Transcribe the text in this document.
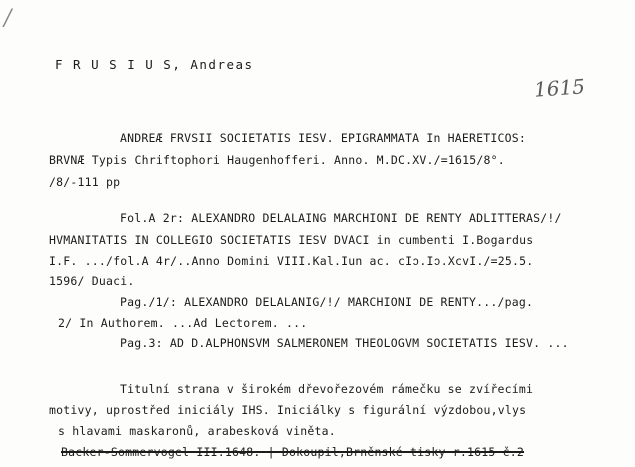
/
F R U S I U S, Andreas
1615
ANDREÆ FRVSII SOCIETATIS IESV. EPIGRAMMATA In HAERETICOS:
BRVNÆ Typis Chriftophori Haugenhofferi. Anno. M.DC.XV./=1615/8°.
/8/-111 pp
Fol.A 2r: ALEXANDRO DELALAING MARCHIONI DE RENTY ADLITTERAS/!/
HVMANITATIS IN COLLEGIO SOCIETATIS IESV DVACI in cumbenti I.Bogardus
I.F. .../fol.A 4r/..Anno Domini VIII.Kal.Iun ac. cIↄ.Iↄ.XcvI./=25.5.
1596/ Duaci.
Pag./1/: ALEXANDRO DELALANIG/!/ MARCHIONI DE RENTY.../pag.
2/ In Authorem. ...Ad Lectorem. ...
Pag.3: AD D.ALPHONSVM SALMERONEM THEOLOGVM SOCIETATIS IESV. ...
Titulní strana v širokém dřevořezovém rámečku se zvířecími
motivy, uprostřed iniciály IHS. Iniciálky s figurální výzdobou,vlys
s hlavami maskaronů, arabesková viněta.
Backer-Sommervogel III.1648. | Dokoupil,Brněnské tisky r.1615 č.2
